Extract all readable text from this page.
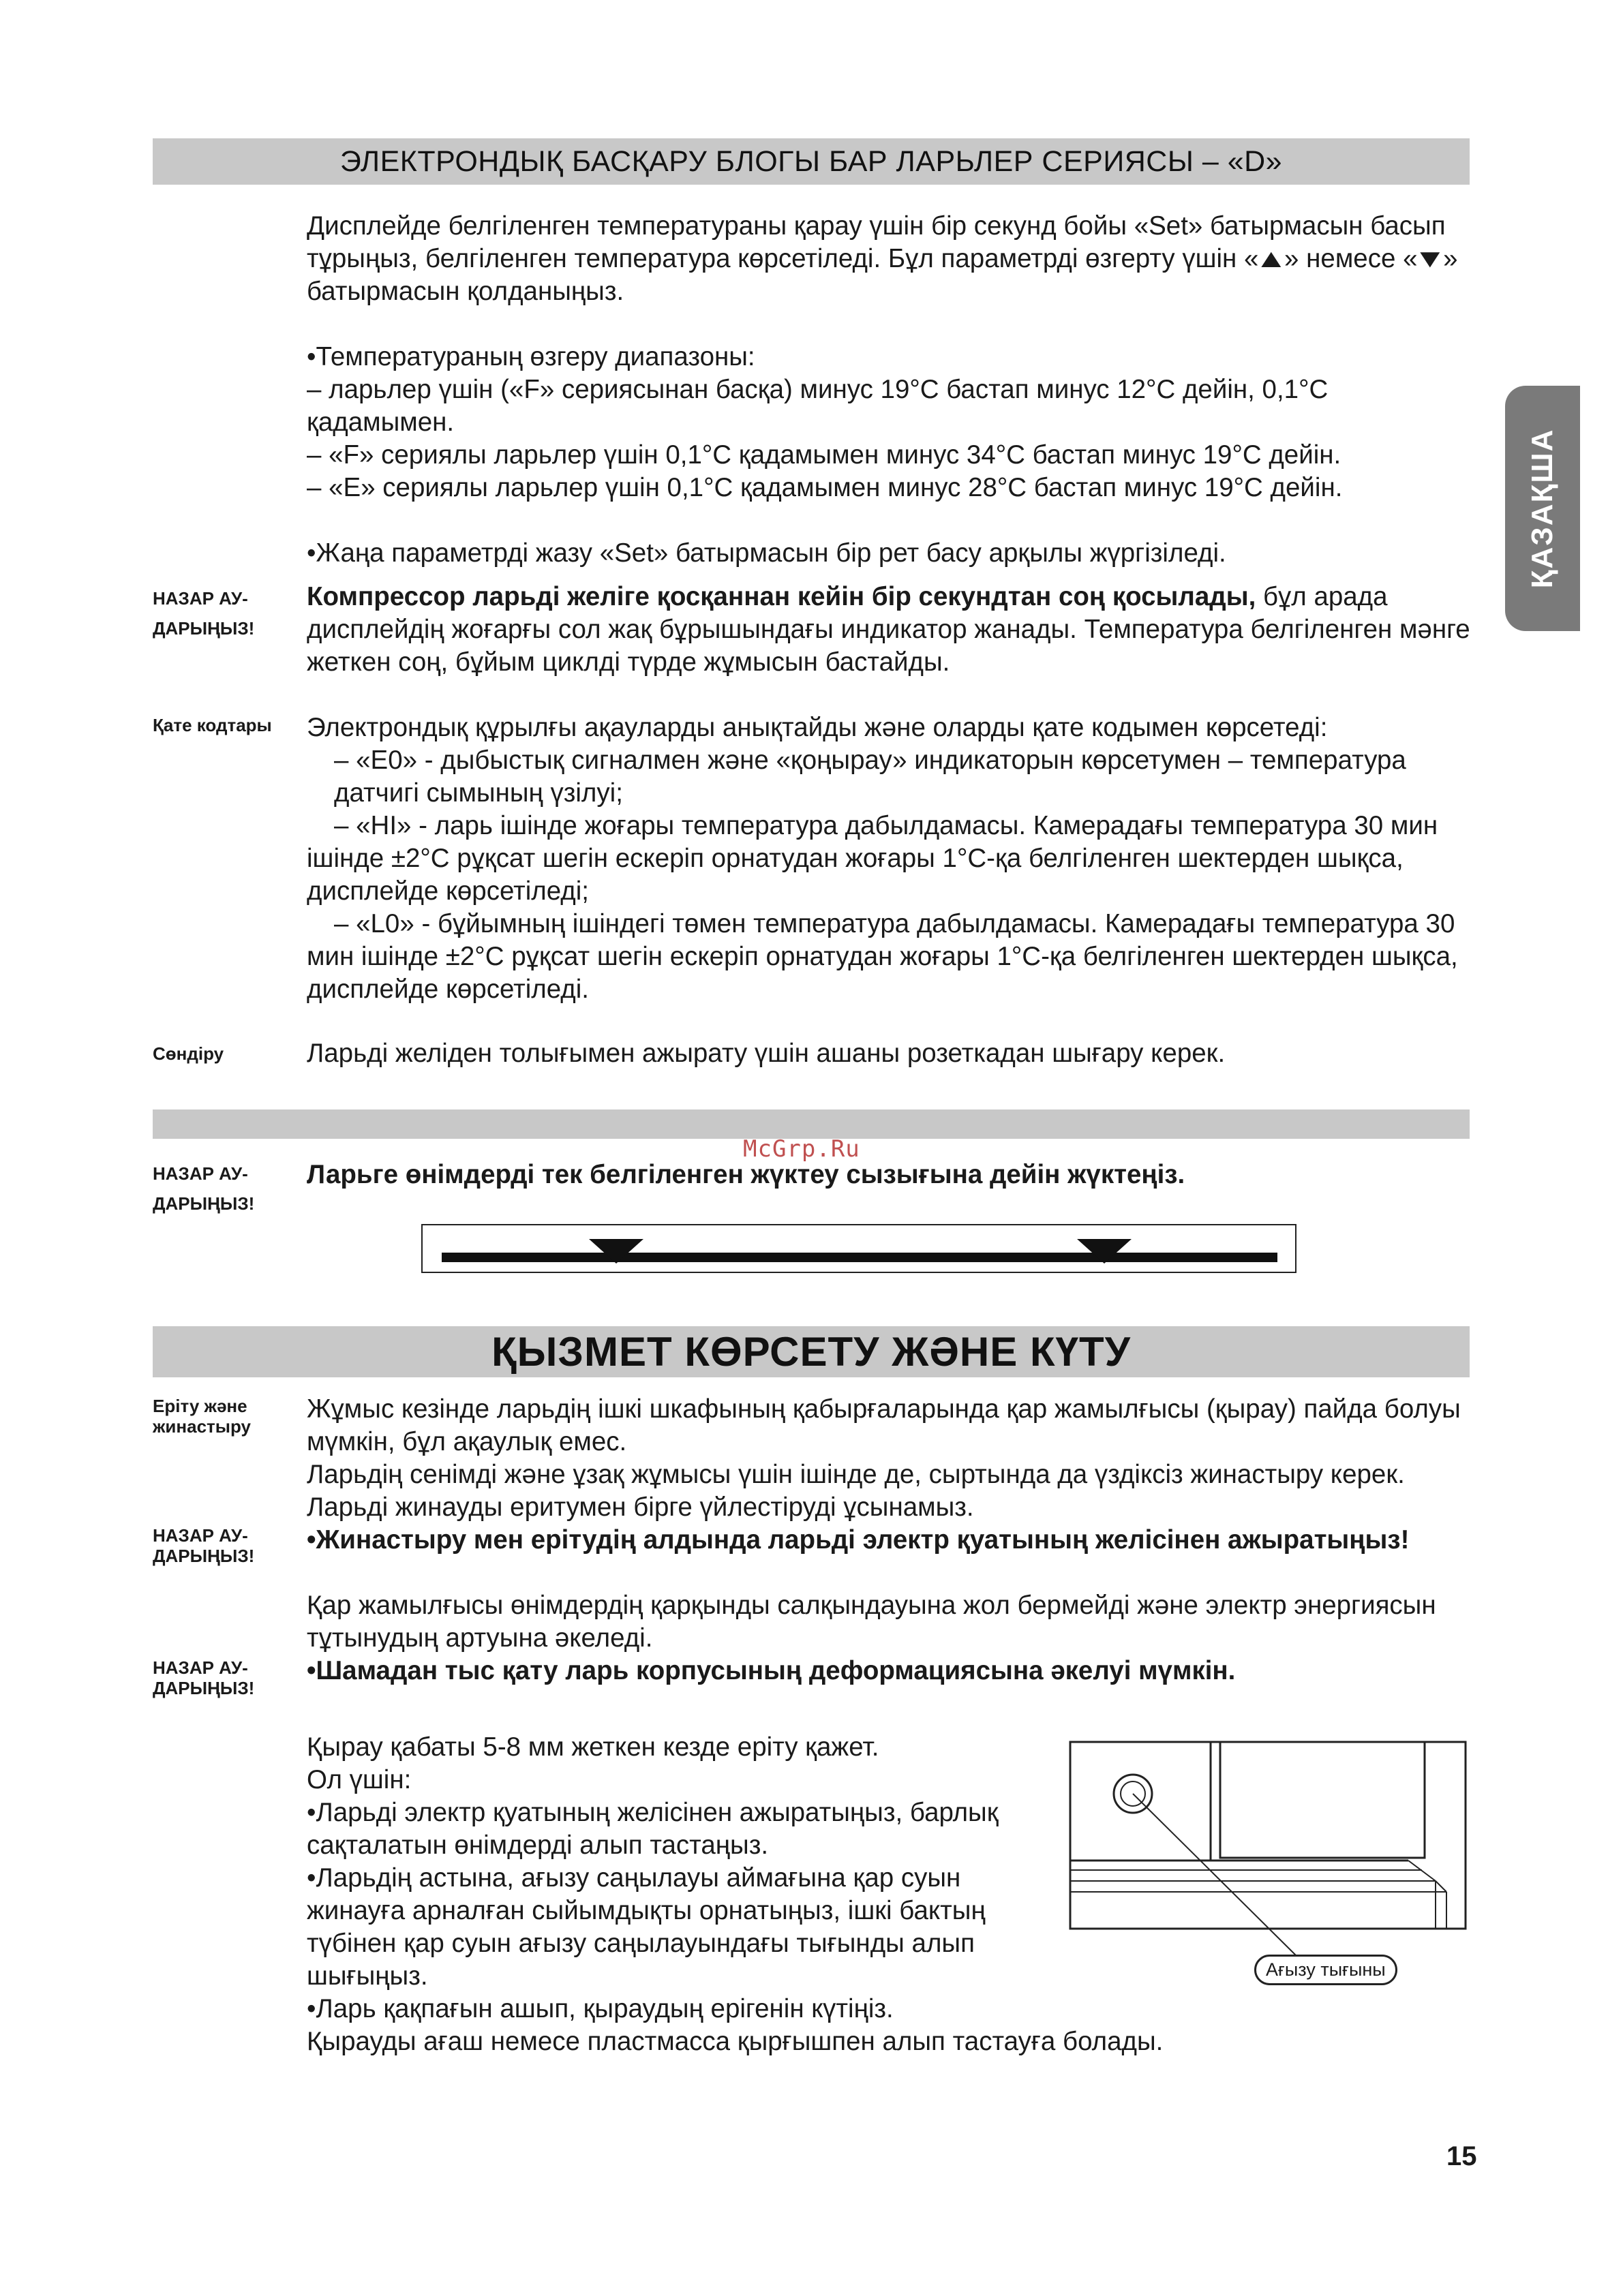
ЭЛЕКТРОНДЫҚ БАСҚАРУ БЛОГЫ БАР ЛАРЬЛЕР СЕРИЯСЫ – «D»
ҚАЗАҚША

Дисплейде белгіленген температураны қарау үшін бір секунд бойы «Set» батырмасын басып тұрыңыз, белгіленген температура көрсетіледі. Бұл параметрді өзгерту үшін «▲» немесе «▼» батырмасын қолданыңыз.

•Температураның өзгеру диапазоны:
– ларьлер үшін («F» сериясынан басқа) минус 19°С бастап минус 12°С дейін, 0,1°С қадамымен.
– «F» сериялы ларьлер үшін 0,1°С қадамымен минус 34°С бастап минус 19°С дейін.
– «Е» сериялы ларьлер үшін 0,1°С қадамымен минус 28°С бастап минус 19°С дейін.

•Жаңа параметрді жазу «Set» батырмасын бір рет басу арқылы жүргізіледі.

НАЗАР АУ-ДАРЫҢЫЗ!

Компрессор ларьді желіге қосқаннан кейін бір секундтан соң қосылады, бұл арада дисплейдің жоғарғы сол жақ бұрышындағы индикатор жанады. Температура белгіленген мәнге жеткен соң, бұйым циклді түрде жұмысын бастайды.

Қате кодтары	Электрондық құрылғы ақауларды анықтайды және оларды қате кодымен көрсетеді:
– «Е0» - дыбыстық сигналмен және «қоңырау» индикаторын көрсетумен – температура датчигі сымының үзілуі;
– «HI» - ларь ішінде жоғары температура дабылдамасы. Камерадағы температура 30 мин ішінде ±2°С рұқсат шегін ескеріп орнатудан жоғары 1°С-қа белгіленген шектерден шықса, дисплейде көрсетіледі;
– «L0» - бұйымның ішіндегі төмен температура дабылдамасы. Камерадағы температура 30 мин ішінде ±2°С рұқсат шегін ескеріп орнатудан жоғары 1°С-қа белгіленген шектерден шықса, дисплейде көрсетіледі.

Сөндіру	Ларьді желіден толығымен ажырату үшін ашаны розеткадан шығару керек.

McGrp.Ru

НАЗАР АУ-ДАРЫҢЫЗ!

Ларьге өнімдерді тек белгіленген жүктеу сызығына дейін жүктеңіз.

ҚЫЗМЕТ КӨРСЕТУ ЖӘНЕ КҮТУ

Еріту және жинастыру

Жұмыс кезінде ларьдің ішкі шкафының қабырғаларында қар жамылғысы (қырау) пайда болуы мүмкін, бұл ақаулық емес.

Ларьдің сенімді және ұзақ жұмысы үшін ішінде де, сыртында да үздіксіз жинастыру керек. Ларьді жинауды еритумен бірге үйлестіруді ұсынамыз.

НАЗАР АУ-ДАРЫҢЫЗ!

•Жинастыру мен ерітудің алдында ларьді электр қуатының желісінен ажыратыңыз!

Қар жамылғысы өнімдердің қарқынды салқындауына жол бермейді және электр энергиясын тұтынудың артуына әкеледі.

НАЗАР АУ-ДАРЫҢЫЗ!

•Шамадан тыс қату ларь корпусының деформациясына әкелуі мүмкін.

Қырау қабаты 5-8 мм жеткен кезде еріту қажет.
Ол үшін:
•Ларьді электр қуатының желісінен ажыратыңыз, барлық сақталатын өнімдерді алып тастаңыз.
•Ларьдің астына, ағызу саңылауы аймағына қар суын жинауға арналған сыйымдықты орнатыңыз, ішкі бактың түбінен қар суын ағызу саңылауындағы тығынды алып шығыңыз.
•Ларь қақпағын ашып, қыраудың ерігенін күтіңіз.

Қырауды ағаш немесе пластмасса қырғышпен алып тастауға болады.

Ағызу тығыны
15
